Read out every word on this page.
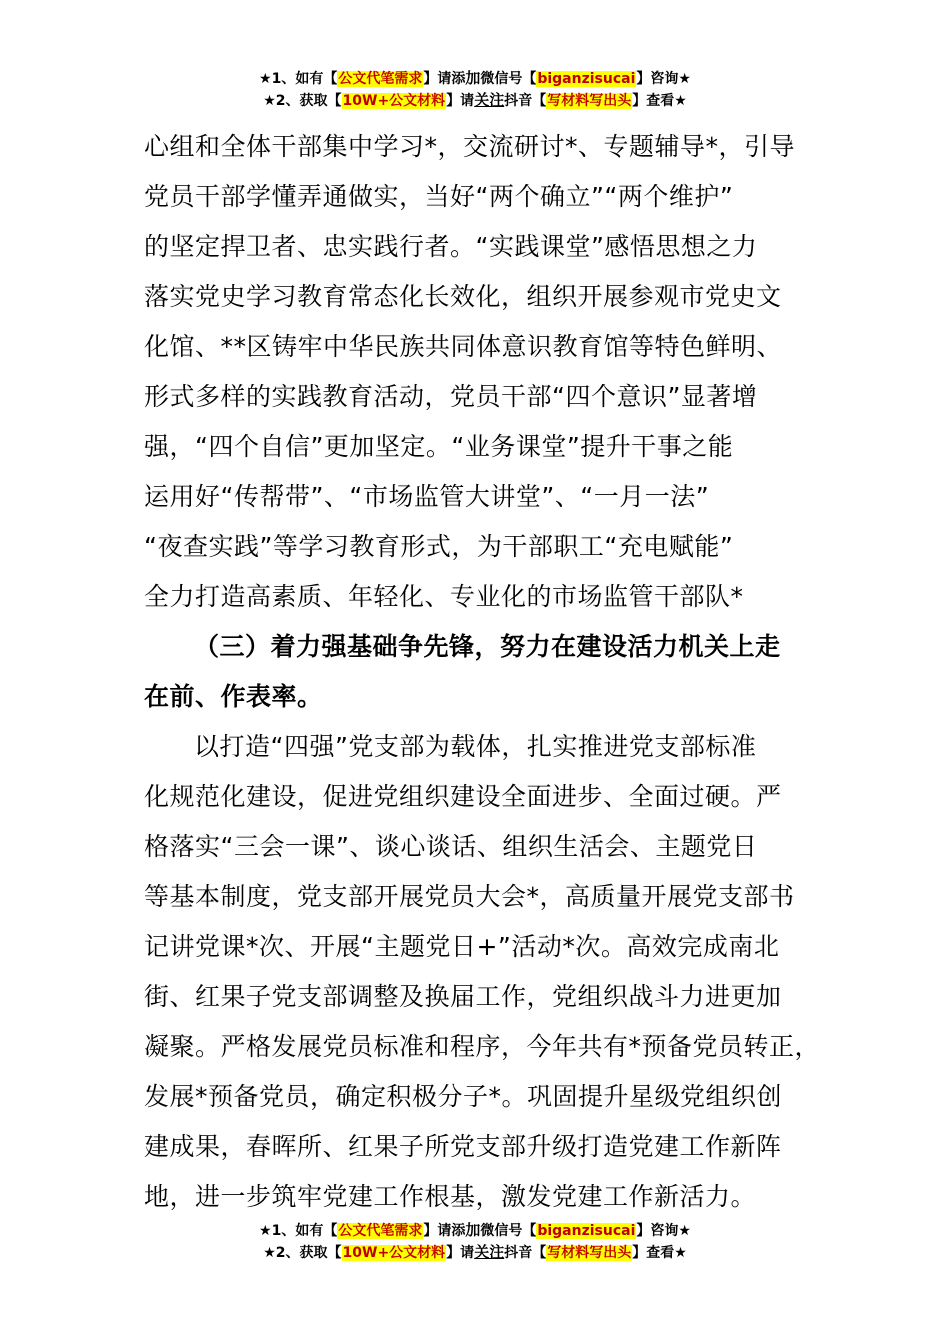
★1、如有【公文代笔需求】请添加微信号【biganzisucai】咨询★
★2、获取【10W+公文材料】请关注抖音【写材料写出头】查看★
心组和全体干部集中学习*，交流研讨*、专题辅导*，引导
党员干部学懂弄通做实，当好“两个确立”“两个维护”
的坚定捍卫者、忠实践行者。“实践课堂”感悟思想之力
落实党史学习教育常态化长效化，组织开展参观市党史文
化馆、**区铸牢中华民族共同体意识教育馆等特色鲜明、
形式多样的实践教育活动，党员干部“四个意识”显著增
强，“四个自信”更加坚定。“业务课堂”提升干事之能
运用好“传帮带”、“市场监管大讲堂”、“一月一法”
“夜查实践”等学习教育形式，为干部职工“充电赋能”
全力打造高素质、年轻化、专业化的市场监管干部队*
（三）着力强基础争先锋，努力在建设活力机关上走
在前、作表率。
以打造“四强”党支部为载体，扎实推进党支部标准
化规范化建设，促进党组织建设全面进步、全面过硬。严
格落实“三会一课”、谈心谈话、组织生活会、主题党日
等基本制度，党支部开展党员大会*，高质量开展党支部书
记讲党课*次、开展“主题党日+”活动*次。高效完成南北
街、红果子党支部调整及换届工作，党组织战斗力进更加
凝聚。严格发展党员标准和程序，今年共有*预备党员转正，
发展*预备党员，确定积极分子*。巩固提升星级党组织创
建成果，春晖所、红果子所党支部升级打造党建工作新阵
地，进一步筑牢党建工作根基，激发党建工作新活力。
★1、如有【公文代笔需求】请添加微信号【biganzisucai】咨询★
★2、获取【10W+公文材料】请关注抖音【写材料写出头】查看★
